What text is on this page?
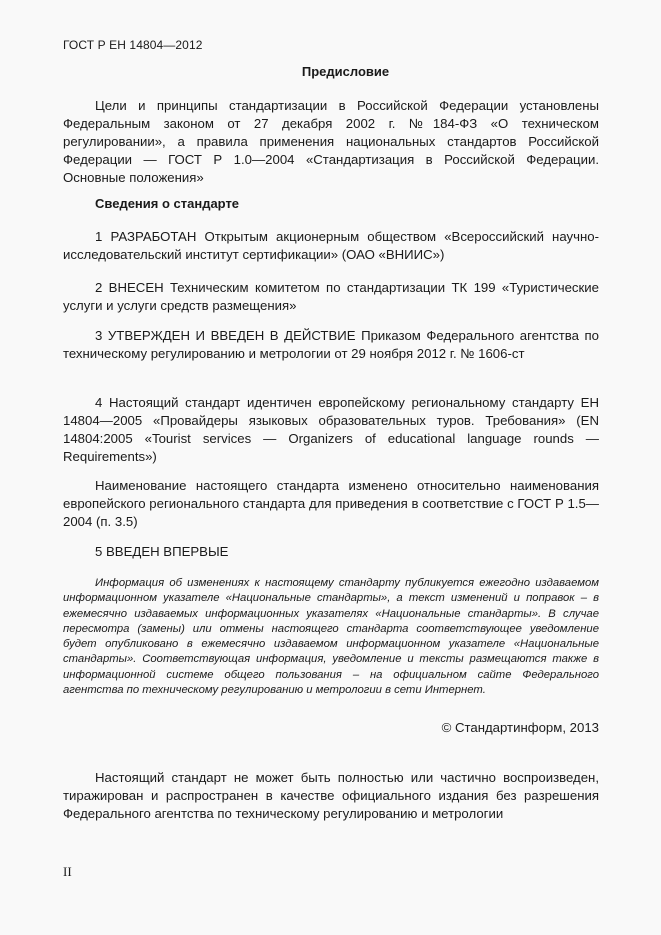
ГОСТ Р ЕН 14804—2012
Предисловие

Цели и принципы стандартизации в Российской Федерации установлены Федеральным законом от 27 декабря 2002 г. №184-ФЗ «О техническом регулировании», а правила применения национальных стандартов Российской Федерации — ГОСТ Р 1.0—2004 «Стандартизация в Российской Федерации. Основные положения»

Сведения о стандарте

1 РАЗРАБОТАН Открытым акционерным обществом «Всероссийский научно-исследовательский институт сертификации» (ОАО «ВНИИС»)

2 ВНЕСЕН Техническим комитетом по стандартизации ТК 199 «Туристические услуги и услуги средств размещения»

3 УТВЕРЖДЕН И ВВЕДЕН В ДЕЙСТВИЕ Приказом Федерального агентства по техническому регулированию и метрологии от 29 ноября 2012 г. № 1606-ст

4 Настоящий стандарт идентичен европейскому региональному стандарту ЕН 14804—2005 «Провайдеры языковых образовательных туров. Требования» (EN 14804:2005 «Tourist services — Organizers of educational language rounds — Requirements»)

Наименование настоящего стандарта изменено относительно наименования европейского регионального стандарта для приведения в соответствие с ГОСТ Р 1.5—2004 (п. 3.5)

5 ВВЕДЕН ВПЕРВЫЕ

Информация об изменениях к настоящему стандарту публикуется ежегодно издаваемом информационном указателе «Национальные стандарты», а текст изменений и поправок – в ежемесячно издаваемых информационных указателях «Национальные стандарты». В случае пересмотра (замены) или отмены настоящего стандарта соответствующее уведомление будет опубликовано в ежемесячно издаваемом информационном указателе «Национальные стандарты». Соответствующая информация, уведомление и тексты размещаются также в информационной системе общего пользования – на официальном сайте Федерального агентства по техническому регулированию и метрологии в сети Интернет.

© Стандартинформ, 2013

Настоящий стандарт не может быть полностью или частично воспроизведен, тиражирован и распространен в качестве официального издания без разрешения Федерального агентства по техническому регулированию и метрологии

II
